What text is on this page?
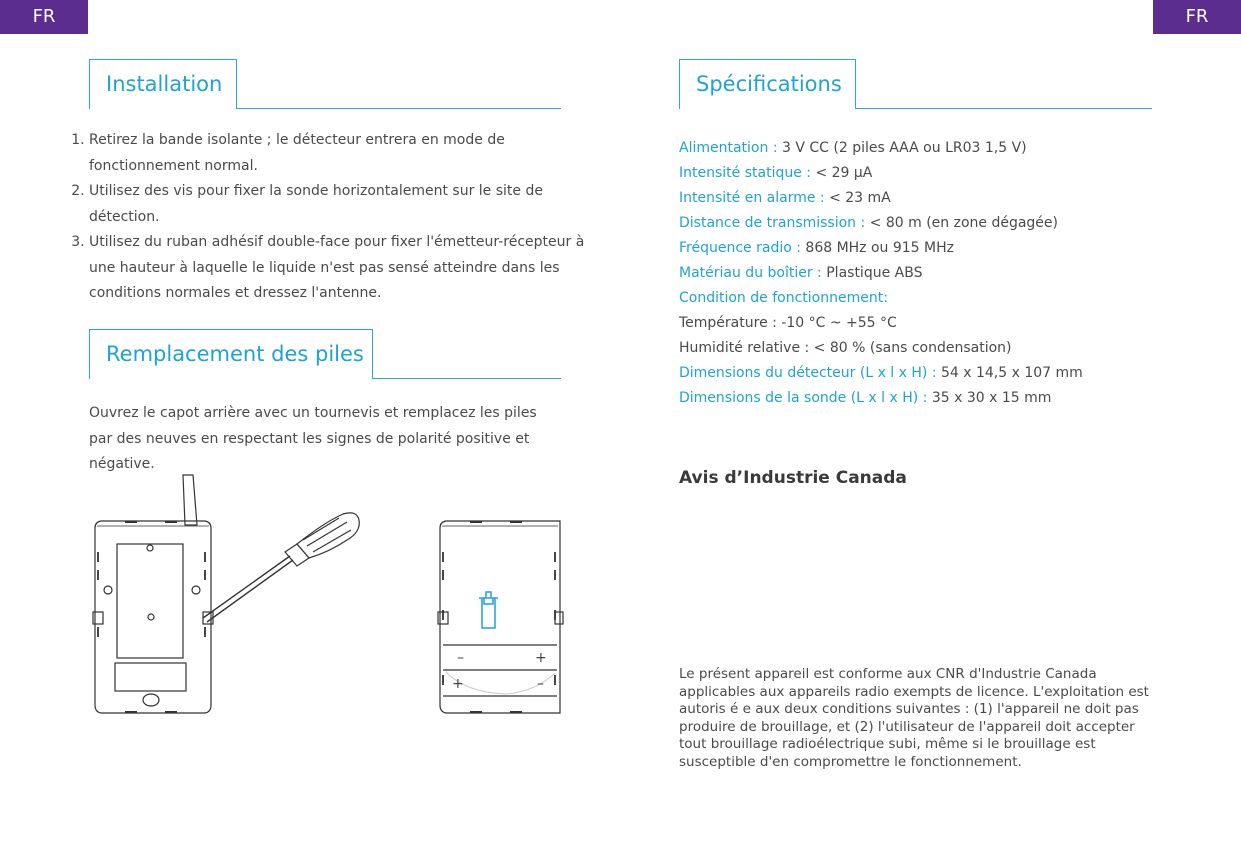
FR	FR
Installation
1. Retirez la bande isolante ; le détecteur entrera en mode de fonctionnement normal.
2. Utilisez des vis pour fixer la sonde horizontalement sur le site de détection.
3. Utilisez du ruban adhésif double-face pour fixer l'émetteur-récepteur à une hauteur à laquelle le liquide n'est pas sensé atteindre dans les conditions normales et dressez l'antenne.
Remplacement des piles
Ouvrez le capot arrière avec un tournevis et remplacez les piles par des neuves en respectant les signes de polarité positive et négative.
–	+
+	–
Spécifications
Alimentation : 3 V CC (2 piles AAA ou LR03 1,5 V)
Intensité statique : < 29 µA
Intensité en alarme : < 23 mA
Distance de transmission : < 80 m (en zone dégagée)
Fréquence radio : 868 MHz ou 915 MHz
Matériau du boîtier : Plastique ABS
Condition de fonctionnement:
Température : -10 °C ~ +55 °C
Humidité relative : < 80 % (sans condensation)
Dimensions du détecteur (L x l x H) : 54 x 14,5 x 107 mm
Dimensions de la sonde (L x l x H) : 35 x 30 x 15 mm
Avis d’Industrie Canada
Le présent appareil est conforme aux CNR d'Industrie Canada applicables aux appareils radio exempts de licence. L'exploitation est autoris é e aux deux conditions suivantes : (1) l'appareil ne doit pas produire de brouillage, et (2) l'utilisateur de l'appareil doit accepter tout brouillage radioélectrique subi, même si le brouillage est susceptible d'en compromettre le fonctionnement.
